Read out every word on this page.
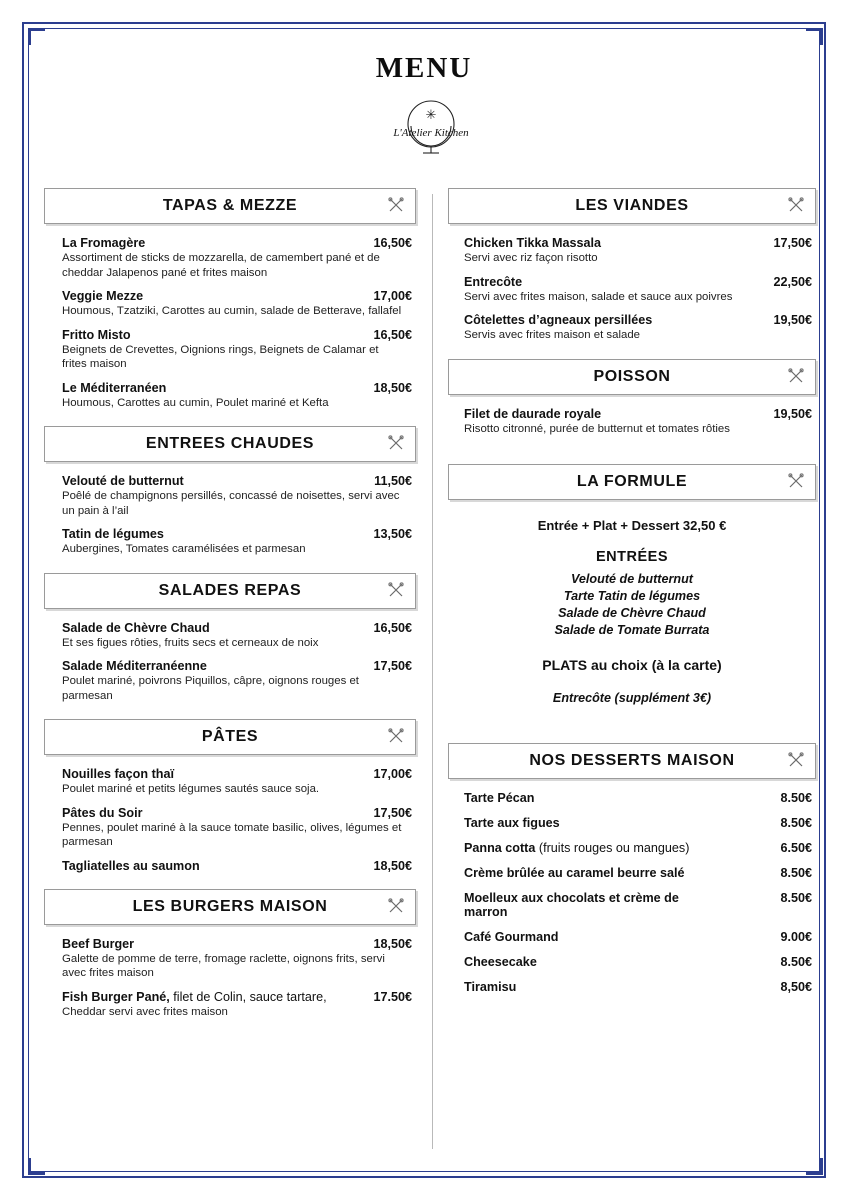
MENU
✳
L'Atelier Kitchen
TAPAS & MEZZE
La Fromagère	16,50€
Assortiment de sticks de mozzarella, de camembert pané et de cheddar Jalapenos pané et frites maison
Veggie Mezze	17,00€
Houmous, Tzatziki, Carottes au cumin, salade de Betterave, fallafel
Fritto Misto	16,50€
Beignets de Crevettes, Oignions rings, Beignets de Calamar et frites maison
Le Méditerranéen	18,50€
Houmous, Carottes au cumin, Poulet mariné et Kefta
ENTREES CHAUDES
Velouté de butternut	11,50€
Poêlé de champignons persillés, concassé de noisettes, servi avec un pain à l’ail
Tatin de légumes	13,50€
Aubergines, Tomates caramélisées et parmesan
SALADES REPAS
Salade de Chèvre Chaud	16,50€
Et ses figues rôties, fruits secs et cerneaux de noix
Salade Méditerranéenne	17,50€
Poulet mariné, poivrons Piquillos, câpre, oignons rouges et parmesan
PÂTES
Nouilles façon thaï	17,00€
Poulet mariné et petits légumes sautés sauce soja.
Pâtes du Soir	17,50€
Pennes, poulet mariné à la sauce tomate basilic, olives, légumes et parmesan
Tagliatelles au saumon	18,50€
LES BURGERS MAISON
Beef Burger	18,50€
Galette de pomme de terre, fromage raclette, oignons frits, servi avec frites maison
Fish Burger Pané, filet de Colin, sauce tartare,	17.50€
Cheddar servi avec frites maison
LES VIANDES
Chicken Tikka Massala	17,50€
Servi avec riz façon risotto
Entrecôte	22,50€
Servi avec frites maison, salade et sauce aux poivres
Côtelettes d’agneaux persillées	19,50€
Servis avec frites maison et salade
POISSON
Filet de daurade royale	19,50€
Risotto citronné, purée de butternut et tomates rôties
LA FORMULE
Entrée + Plat + Dessert 32,50 €
ENTRÉES
Velouté de butternut
Tarte Tatin de légumes
Salade de Chèvre Chaud
Salade de Tomate Burrata
PLATS au choix (à la carte)
Entrecôte (supplément 3€)
NOS DESSERTS MAISON
Tarte Pécan	8.50€
Tarte aux figues	8.50€
Panna cotta (fruits rouges ou mangues)	6.50€
Crème brûlée au caramel beurre salé	8.50€
Moelleux aux chocolats et crème de marron
8.50€
Café Gourmand	9.00€
Cheesecake	8.50€
Tiramisu	8,50€
